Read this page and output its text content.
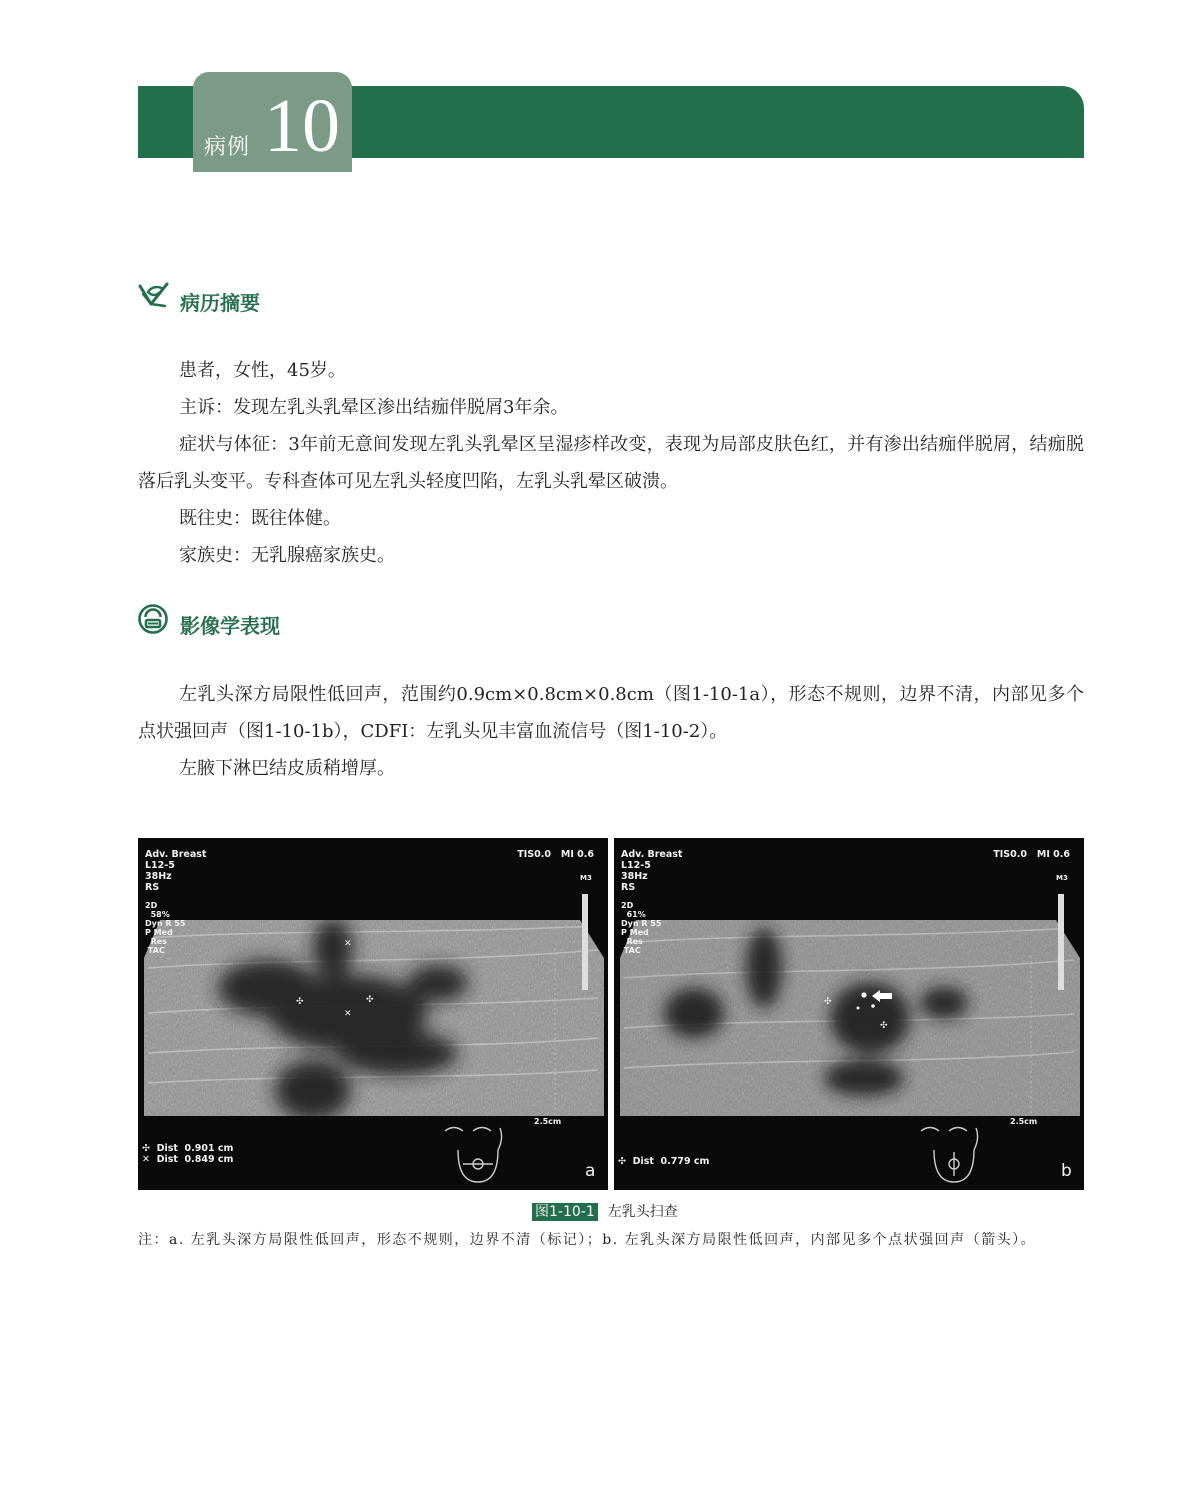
病例 10
病历摘要

患者，女性，45岁。

主诉：发现左乳头乳晕区渗出结痂伴脱屑3年余。

症状与体征：3年前无意间发现左乳头乳晕区呈湿疹样改变，表现为局部皮肤色红，并有渗出结痂伴脱屑，结痂脱落后乳头变平。专科查体可见左乳头轻度凹陷，左乳头乳晕区破溃。

既往史：既往体健。

家族史：无乳腺癌家族史。

影像学表现

左乳头深方局限性低回声，范围约0.9cm×0.8cm×0.8cm（图1-10-1a），形态不规则，边界不清，内部见多个点状强回声（图1-10-1b），CDFI：左乳头见丰富血流信号（图1-10-2）。

左腋下淋巴结皮质稍增厚。

✣	✣
✕
✕
Adv. Breast
L12-5
38Hz
RS
2D
58%
Dyn R 55
P Med
Res
TAC
TIS0.0   MI 0.6
M3
2.5cm
✣  Dist  0.901 cm
✕  Dist  0.849 cm
a
✣
✣
Adv. Breast
L12-5
38Hz
RS
2D
61%
Dyn R 55
P Med
Res
TAC
TIS0.0   MI 0.6
M3
2.5cm
✣  Dist  0.779 cm	b
图1-10-1 左乳头扫查

注：a. 左乳头深方局限性低回声，形态不规则，边界不清（标记）；b. 左乳头深方局限性低回声，内部见多个点状强回声（箭头）。
